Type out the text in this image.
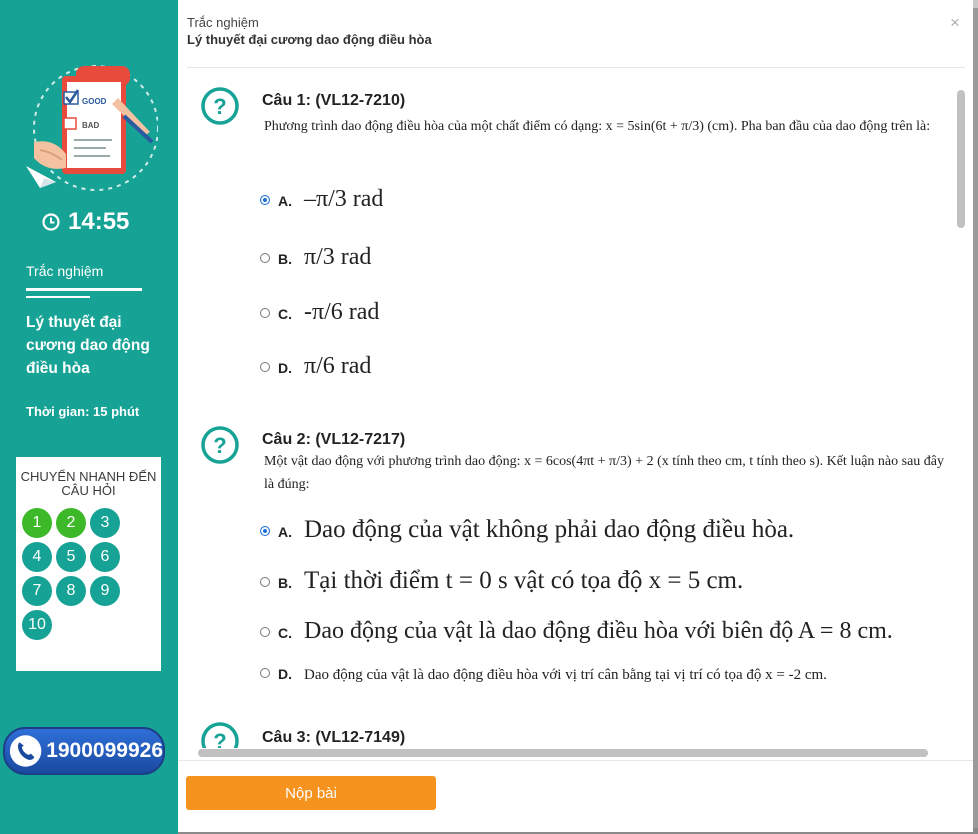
GOOD
BAD
14:55
Trắc nghiệm
Lý thuyết đại cương dao động điều hòa
Thời gian: 15 phút
CHUYỂN NHANH ĐẾN CÂU HỎI
1	2	3
4	5	6
7	8	9
10
1900099926
×
Trắc nghiệm
Lý thuyết đại cương dao động điều hòa
? Câu 1: (VL12-7210)
Phương trình dao động điều hòa của một chất điểm có dạng: x = 5sin(6t + π/3) (cm). Pha ban đầu của dao động trên là:
A. –π/3 rad
B. π/3 rad
C. -π/6 rad
D. π/6 rad
? Câu 2: (VL12-7217)
Một vật dao động với phương trình dao động: x = 6cos(4πt + π/3) + 2 (x tính theo cm, t tính theo s). Kết luận nào sau đây là đúng:
A. Dao động của vật không phải dao động điều hòa.
B. Tại thời điểm t = 0 s vật có tọa độ x = 5 cm.
C. Dao động của vật là dao động điều hòa với biên độ A = 8 cm.
D. Dao động của vật là dao động điều hòa với vị trí cân bằng tại vị trí có tọa độ x = -2 cm.
? Câu 3: (VL12-7149)
Nộp bài
